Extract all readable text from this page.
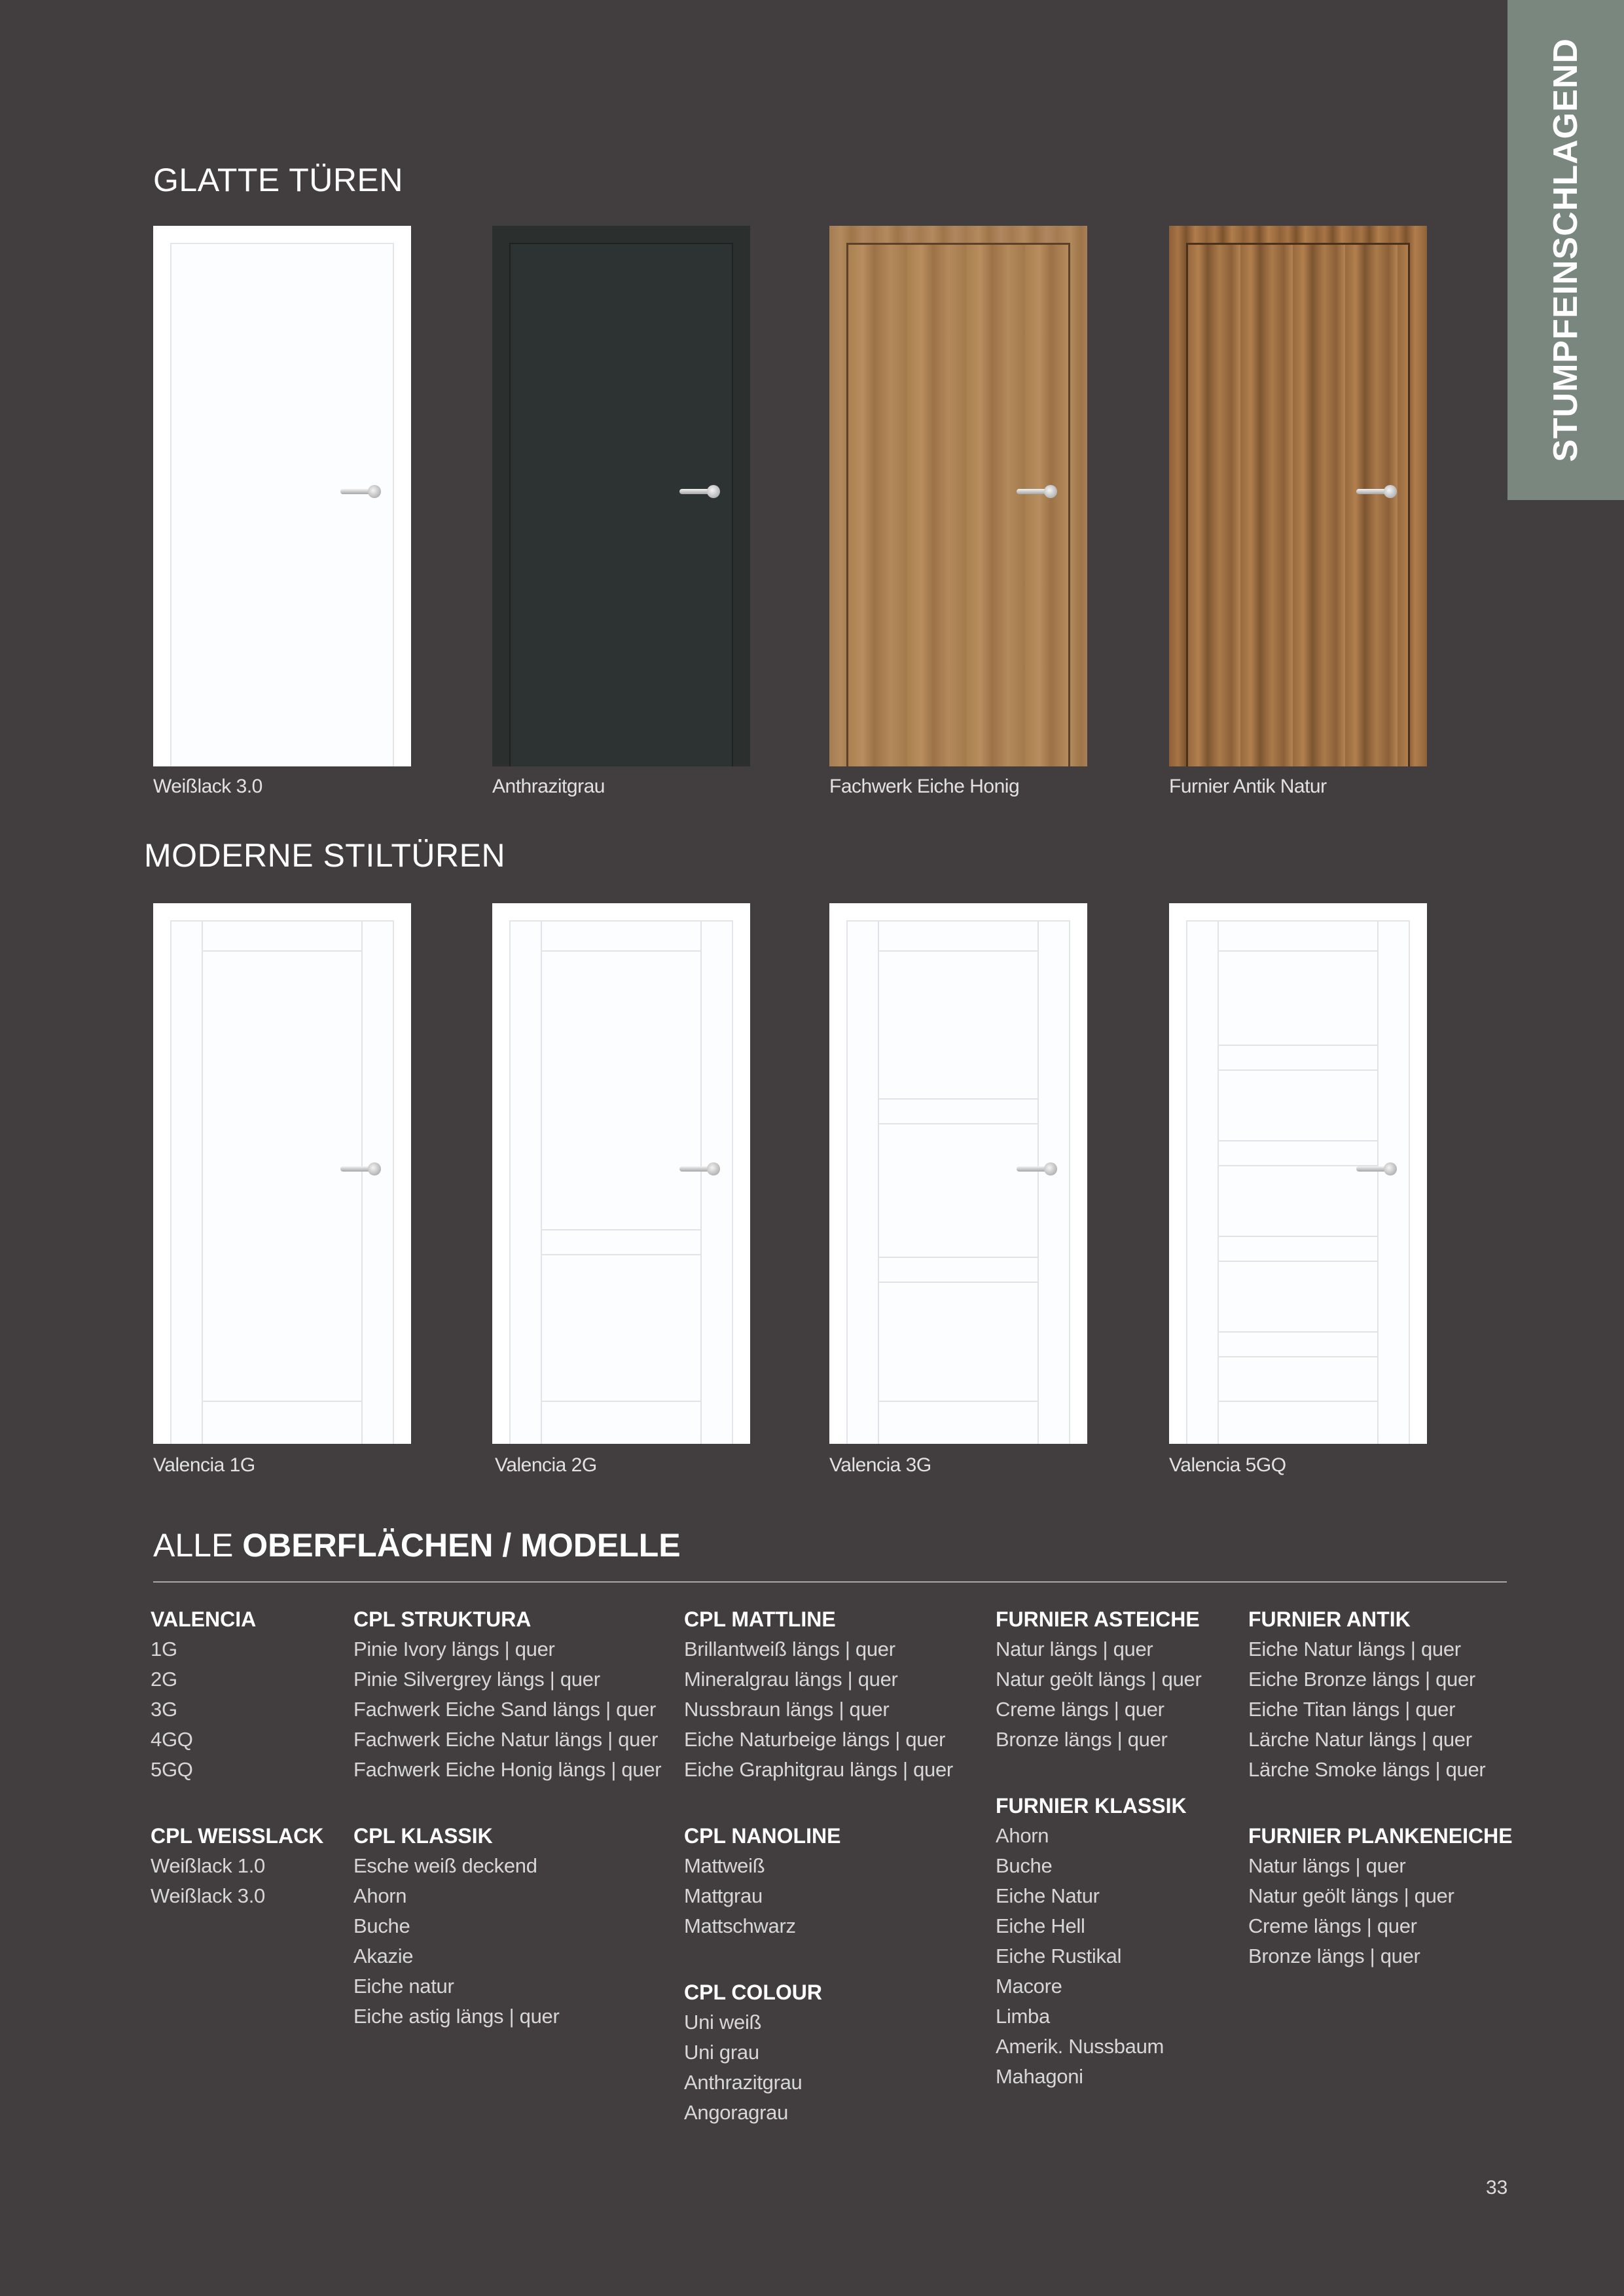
STUMPFEINSCHLAGEND
GLATTE TÜREN
Weißlack 3.0	Anthrazitgrau	Fachwerk Eiche Honig	Furnier Antik Natur
MODERNE STILTÜREN
Valencia 1G	Valencia 2G	Valencia 3G	Valencia 5GQ
ALLE OBERFLÄCHEN / MODELLE
VALENCIA
1G
2G
3G
4GQ
5GQ
CPL WEISSLACK
Weißlack 1.0
Weißlack 3.0
CPL STRUKTURA
Pinie Ivory längs | quer
Pinie Silvergrey längs | quer
Fachwerk Eiche Sand längs | quer
Fachwerk Eiche Natur längs | quer
Fachwerk Eiche Honig längs | quer
CPL KLASSIK
Esche weiß deckend
Ahorn
Buche
Akazie
Eiche natur
Eiche astig längs | quer
CPL MATTLINE
Brillantweiß längs | quer
Mineralgrau längs | quer
Nussbraun längs | quer
Eiche Naturbeige längs | quer
Eiche Graphitgrau längs | quer
CPL NANOLINE
Mattweiß
Mattgrau
Mattschwarz
CPL COLOUR
Uni weiß
Uni grau
Anthrazitgrau
Angoragrau
FURNIER ASTEICHE
Natur längs | quer
Natur geölt längs | quer
Creme längs | quer
Bronze längs | quer
FURNIER KLASSIK
Ahorn
Buche
Eiche Natur
Eiche Hell
Eiche Rustikal
Macore
Limba
Amerik. Nussbaum
Mahagoni
FURNIER ANTIK
Eiche Natur längs | quer
Eiche Bronze längs | quer
Eiche Titan längs | quer
Lärche Natur längs | quer
Lärche Smoke längs | quer
FURNIER PLANKENEICHE
Natur längs | quer
Natur geölt längs | quer
Creme längs | quer
Bronze längs | quer
33
